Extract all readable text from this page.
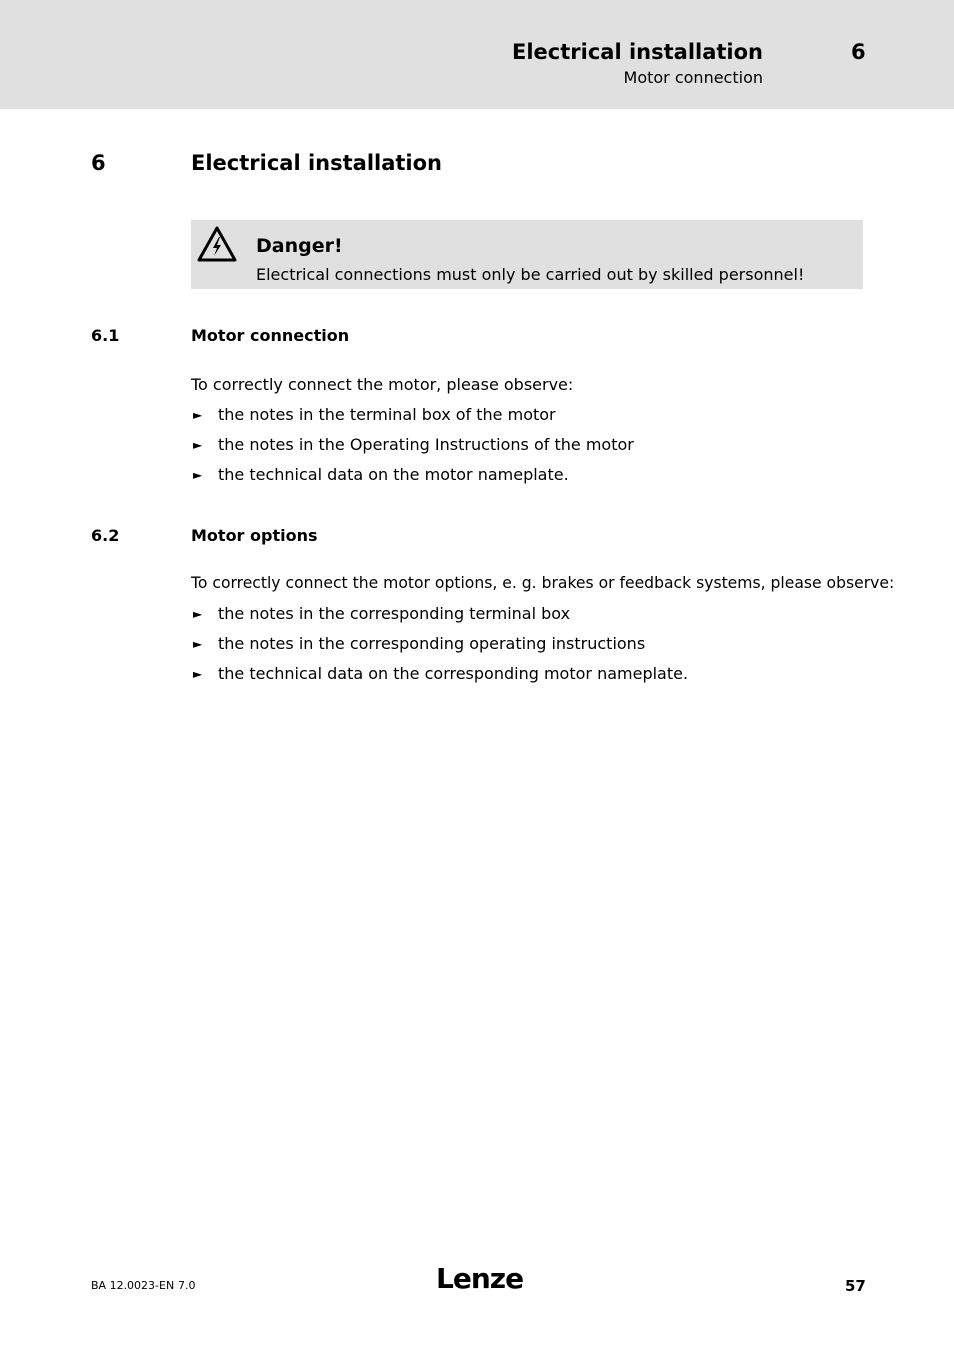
Electrical installation
Motor connection
6
6	Electrical installation
Danger!
Electrical connections must only be carried out by skilled personnel!
6.1	Motor connection
To correctly connect the motor, please observe:
► the notes in the terminal box of the motor
► the notes in the Operating Instructions of the motor
► the technical data on the motor nameplate.
6.2	Motor options
To correctly connect the motor options, e. g. brakes or feedback systems, please observe:
► the notes in the corresponding terminal box
► the notes in the corresponding operating instructions
► the technical data on the corresponding motor nameplate.
BA 12.0023-EN 7.0	Lenze	57
